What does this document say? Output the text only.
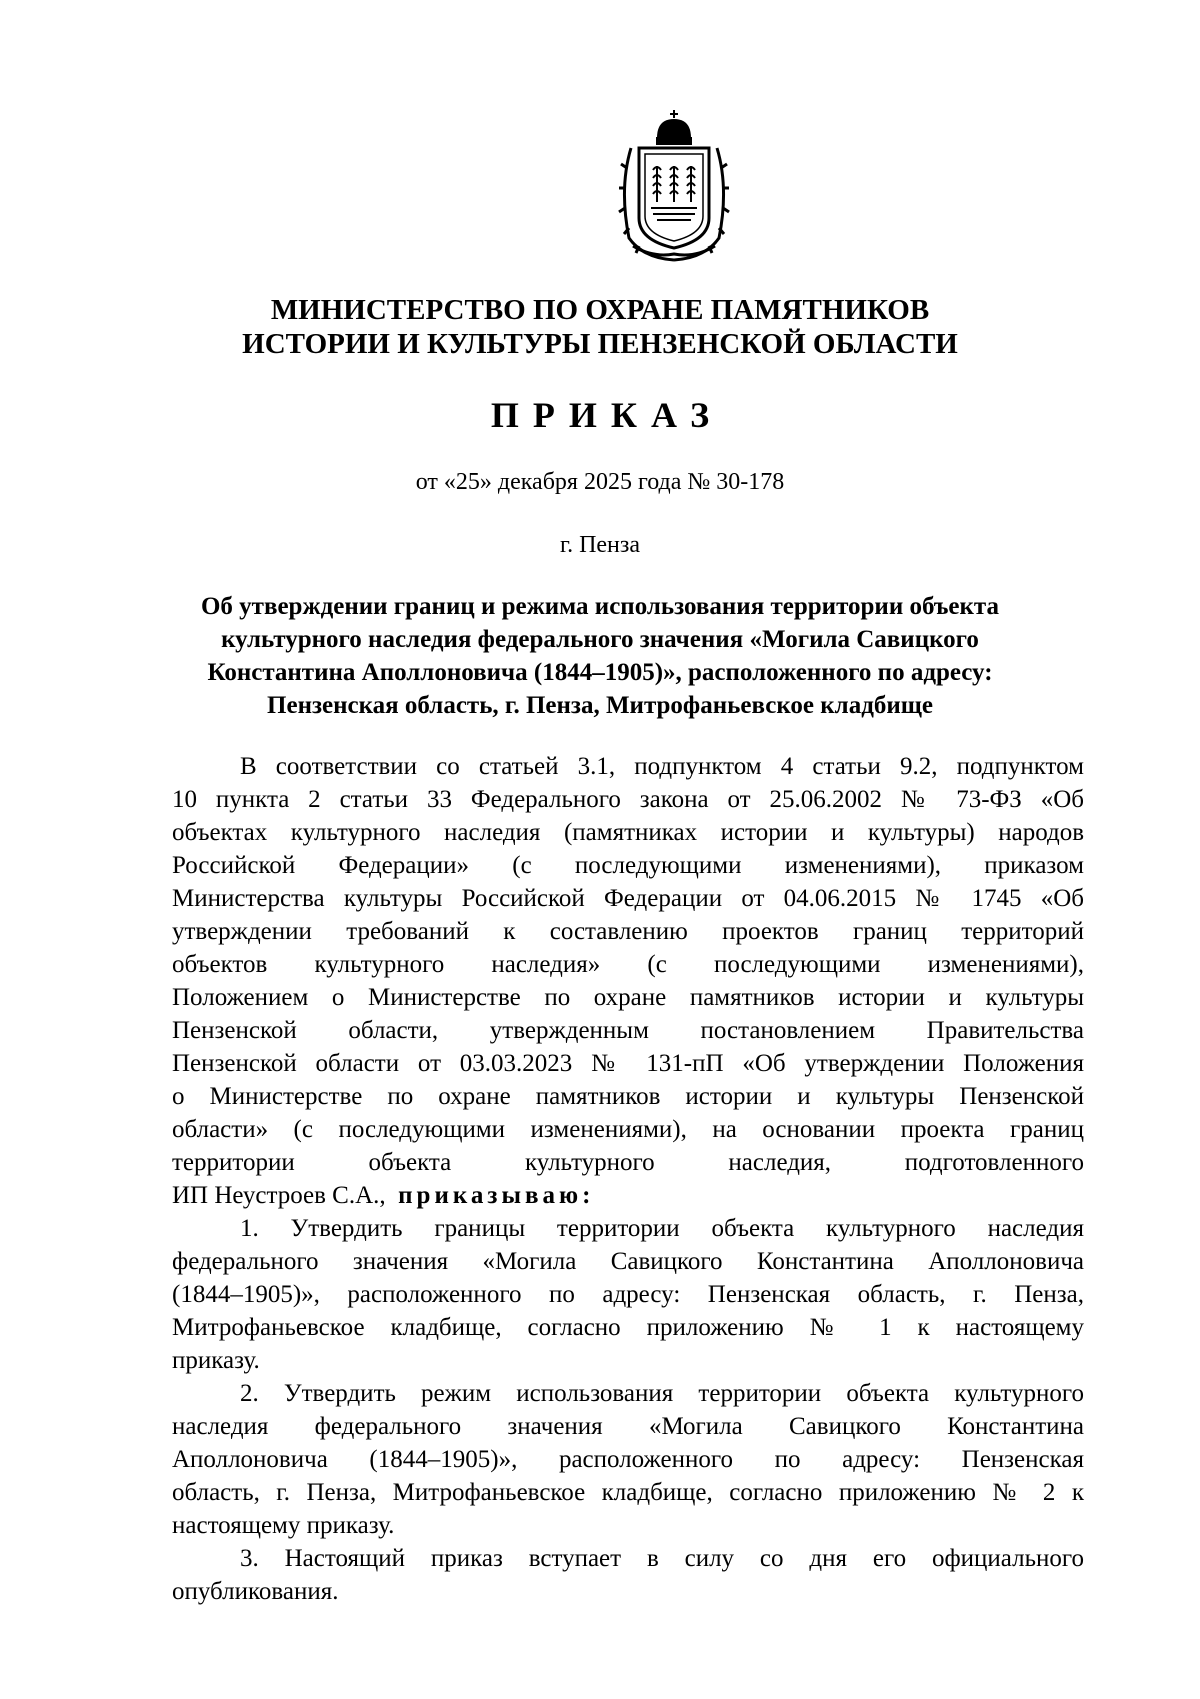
МИНИСТЕРСТВО ПО ОХРАНЕ ПАМЯТНИКОВ
ИСТОРИИ И КУЛЬТУРЫ ПЕНЗЕНСКОЙ ОБЛАСТИ
ПРИКАЗ
от «25» декабря 2025 года № 30-178
г. Пенза
Об утверждении границ и режима использования территории объекта
культурного наследия федерального значения «Могила Савицкого
Константина Аполлоновича (1844–1905)», расположенного по адресу:
Пензенская область, г. Пенза, Митрофаньевское кладбище
В соответствии со статьей 3.1, подпунктом 4 статьи 9.2, подпунктом
10 пункта 2 статьи 33 Федерального закона от 25.06.2002 № 73-ФЗ «Об
объектах культурного наследия (памятниках истории и культуры) народов
Российской Федерации» (с последующими изменениями), приказом
Министерства культуры Российской Федерации от 04.06.2015 № 1745 «Об
утверждении требований к составлению проектов границ территорий
объектов культурного наследия» (с последующими изменениями),
Положением о Министерстве по охране памятников истории и культуры
Пензенской области, утвержденным постановлением Правительства
Пензенской области от 03.03.2023 № 131-пП «Об утверждении Положения
о Министерстве по охране памятников истории и культуры Пензенской
области» (с последующими изменениями), на основании проекта границ
территории объекта культурного наследия, подготовленного
ИП Неустроев С.А., приказываю:
1. Утвердить границы территории объекта культурного наследия
федерального значения «Могила Савицкого Константина Аполлоновича
(1844–1905)», расположенного по адресу: Пензенская область, г. Пенза,
Митрофаньевское кладбище, согласно приложению № 1 к настоящему
приказу.
2. Утвердить режим использования территории объекта культурного
наследия федерального значения «Могила Савицкого Константина
Аполлоновича (1844–1905)», расположенного по адресу: Пензенская
область, г. Пенза, Митрофаньевское кладбище, согласно приложению № 2 к
настоящему приказу.
3. Настоящий приказ вступает в силу со дня его официального
опубликования.
